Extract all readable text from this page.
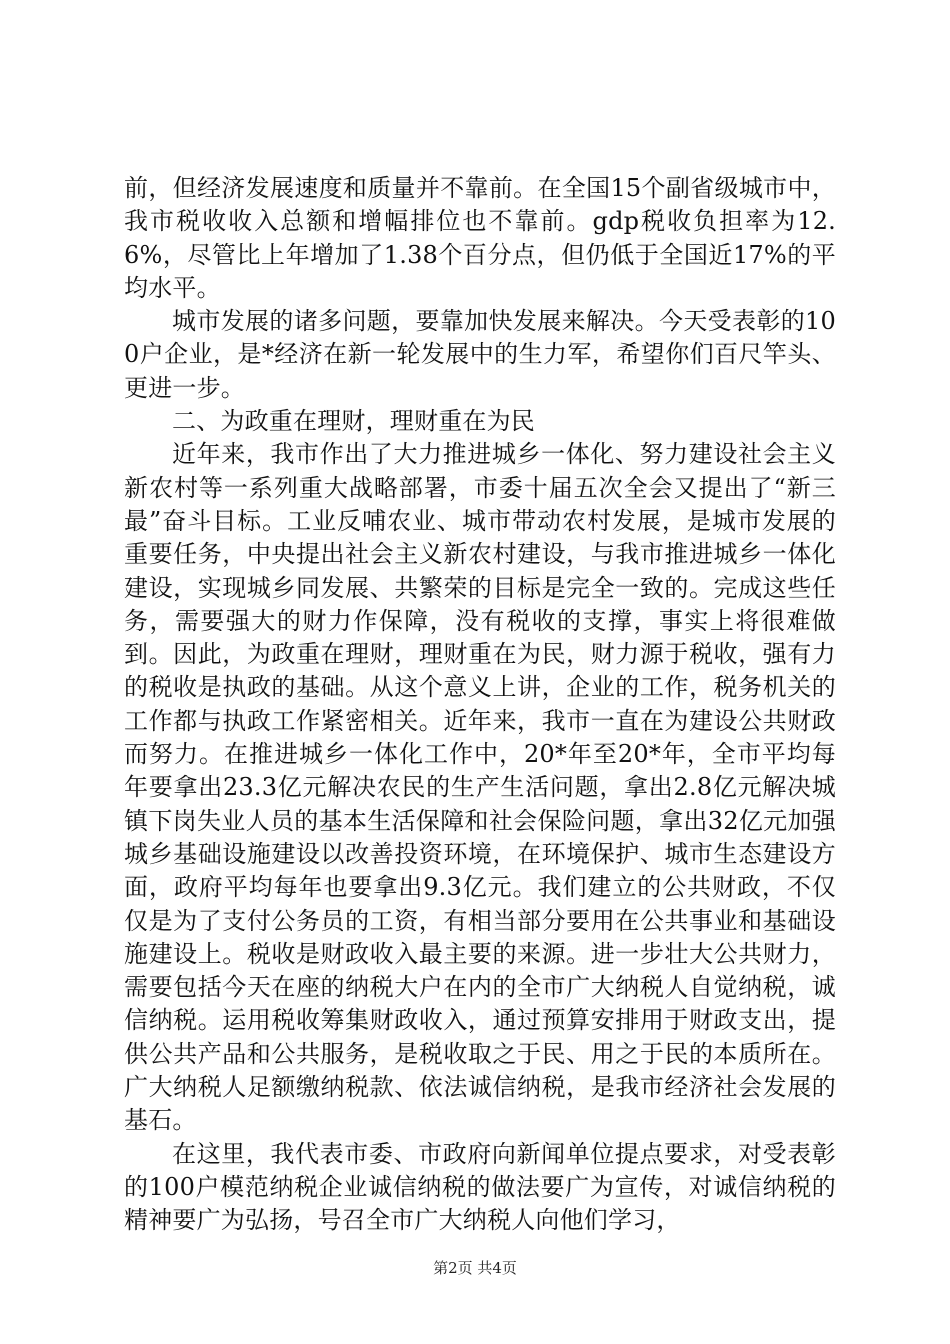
前，但经济发展速度和质量并不靠前。在全国15个副省级城市中，我市税收收入总额和增幅排位也不靠前。gdp税收负担率为12.6%，尽管比上年增加了1.38个百分点，但仍低于全国近17%的平均水平。

城市发展的诸多问题，要靠加快发展来解决。今天受表彰的100户企业，是*经济在新一轮发展中的生力军，希望你们百尺竿头、更进一步。

二、为政重在理财，理财重在为民

近年来，我市作出了大力推进城乡一体化、努力建设社会主义新农村等一系列重大战略部署，市委十届五次全会又提出了“新三最”奋斗目标。工业反哺农业、城市带动农村发展，是城市发展的重要任务，中央提出社会主义新农村建设，与我市推进城乡一体化建设，实现城乡同发展、共繁荣的目标是完全一致的。完成这些任务，需要强大的财力作保障，没有税收的支撑，事实上将很难做到。因此，为政重在理财，理财重在为民，财力源于税收，强有力的税收是执政的基础。从这个意义上讲，企业的工作，税务机关的工作都与执政工作紧密相关。近年来，我市一直在为建设公共财政而努力。在推进城乡一体化工作中，20*年至20*年，全市平均每年要拿出23.3亿元解决农民的生产生活问题，拿出2.8亿元解决城镇下岗失业人员的基本生活保障和社会保险问题，拿出32亿元加强城乡基础设施建设以改善投资环境，在环境保护、城市生态建设方面，政府平均每年也要拿出9.3亿元。我们建立的公共财政，不仅仅是为了支付公务员的工资，有相当部分要用在公共事业和基础设施建设上。税收是财政收入最主要的来源。进一步壮大公共财力，需要包括今天在座的纳税大户在内的全市广大纳税人自觉纳税，诚信纳税。运用税收筹集财政收入，通过预算安排用于财政支出，提供公共产品和公共服务，是税收取之于民、用之于民的本质所在。广大纳税人足额缴纳税款、依法诚信纳税，是我市经济社会发展的基石。

在这里，我代表市委、市政府向新闻单位提点要求，对受表彰的100户模范纳税企业诚信纳税的做法要广为宣传，对诚信纳税的精神要广为弘扬，号召全市广大纳税人向他们学习，

第2页 共4页
